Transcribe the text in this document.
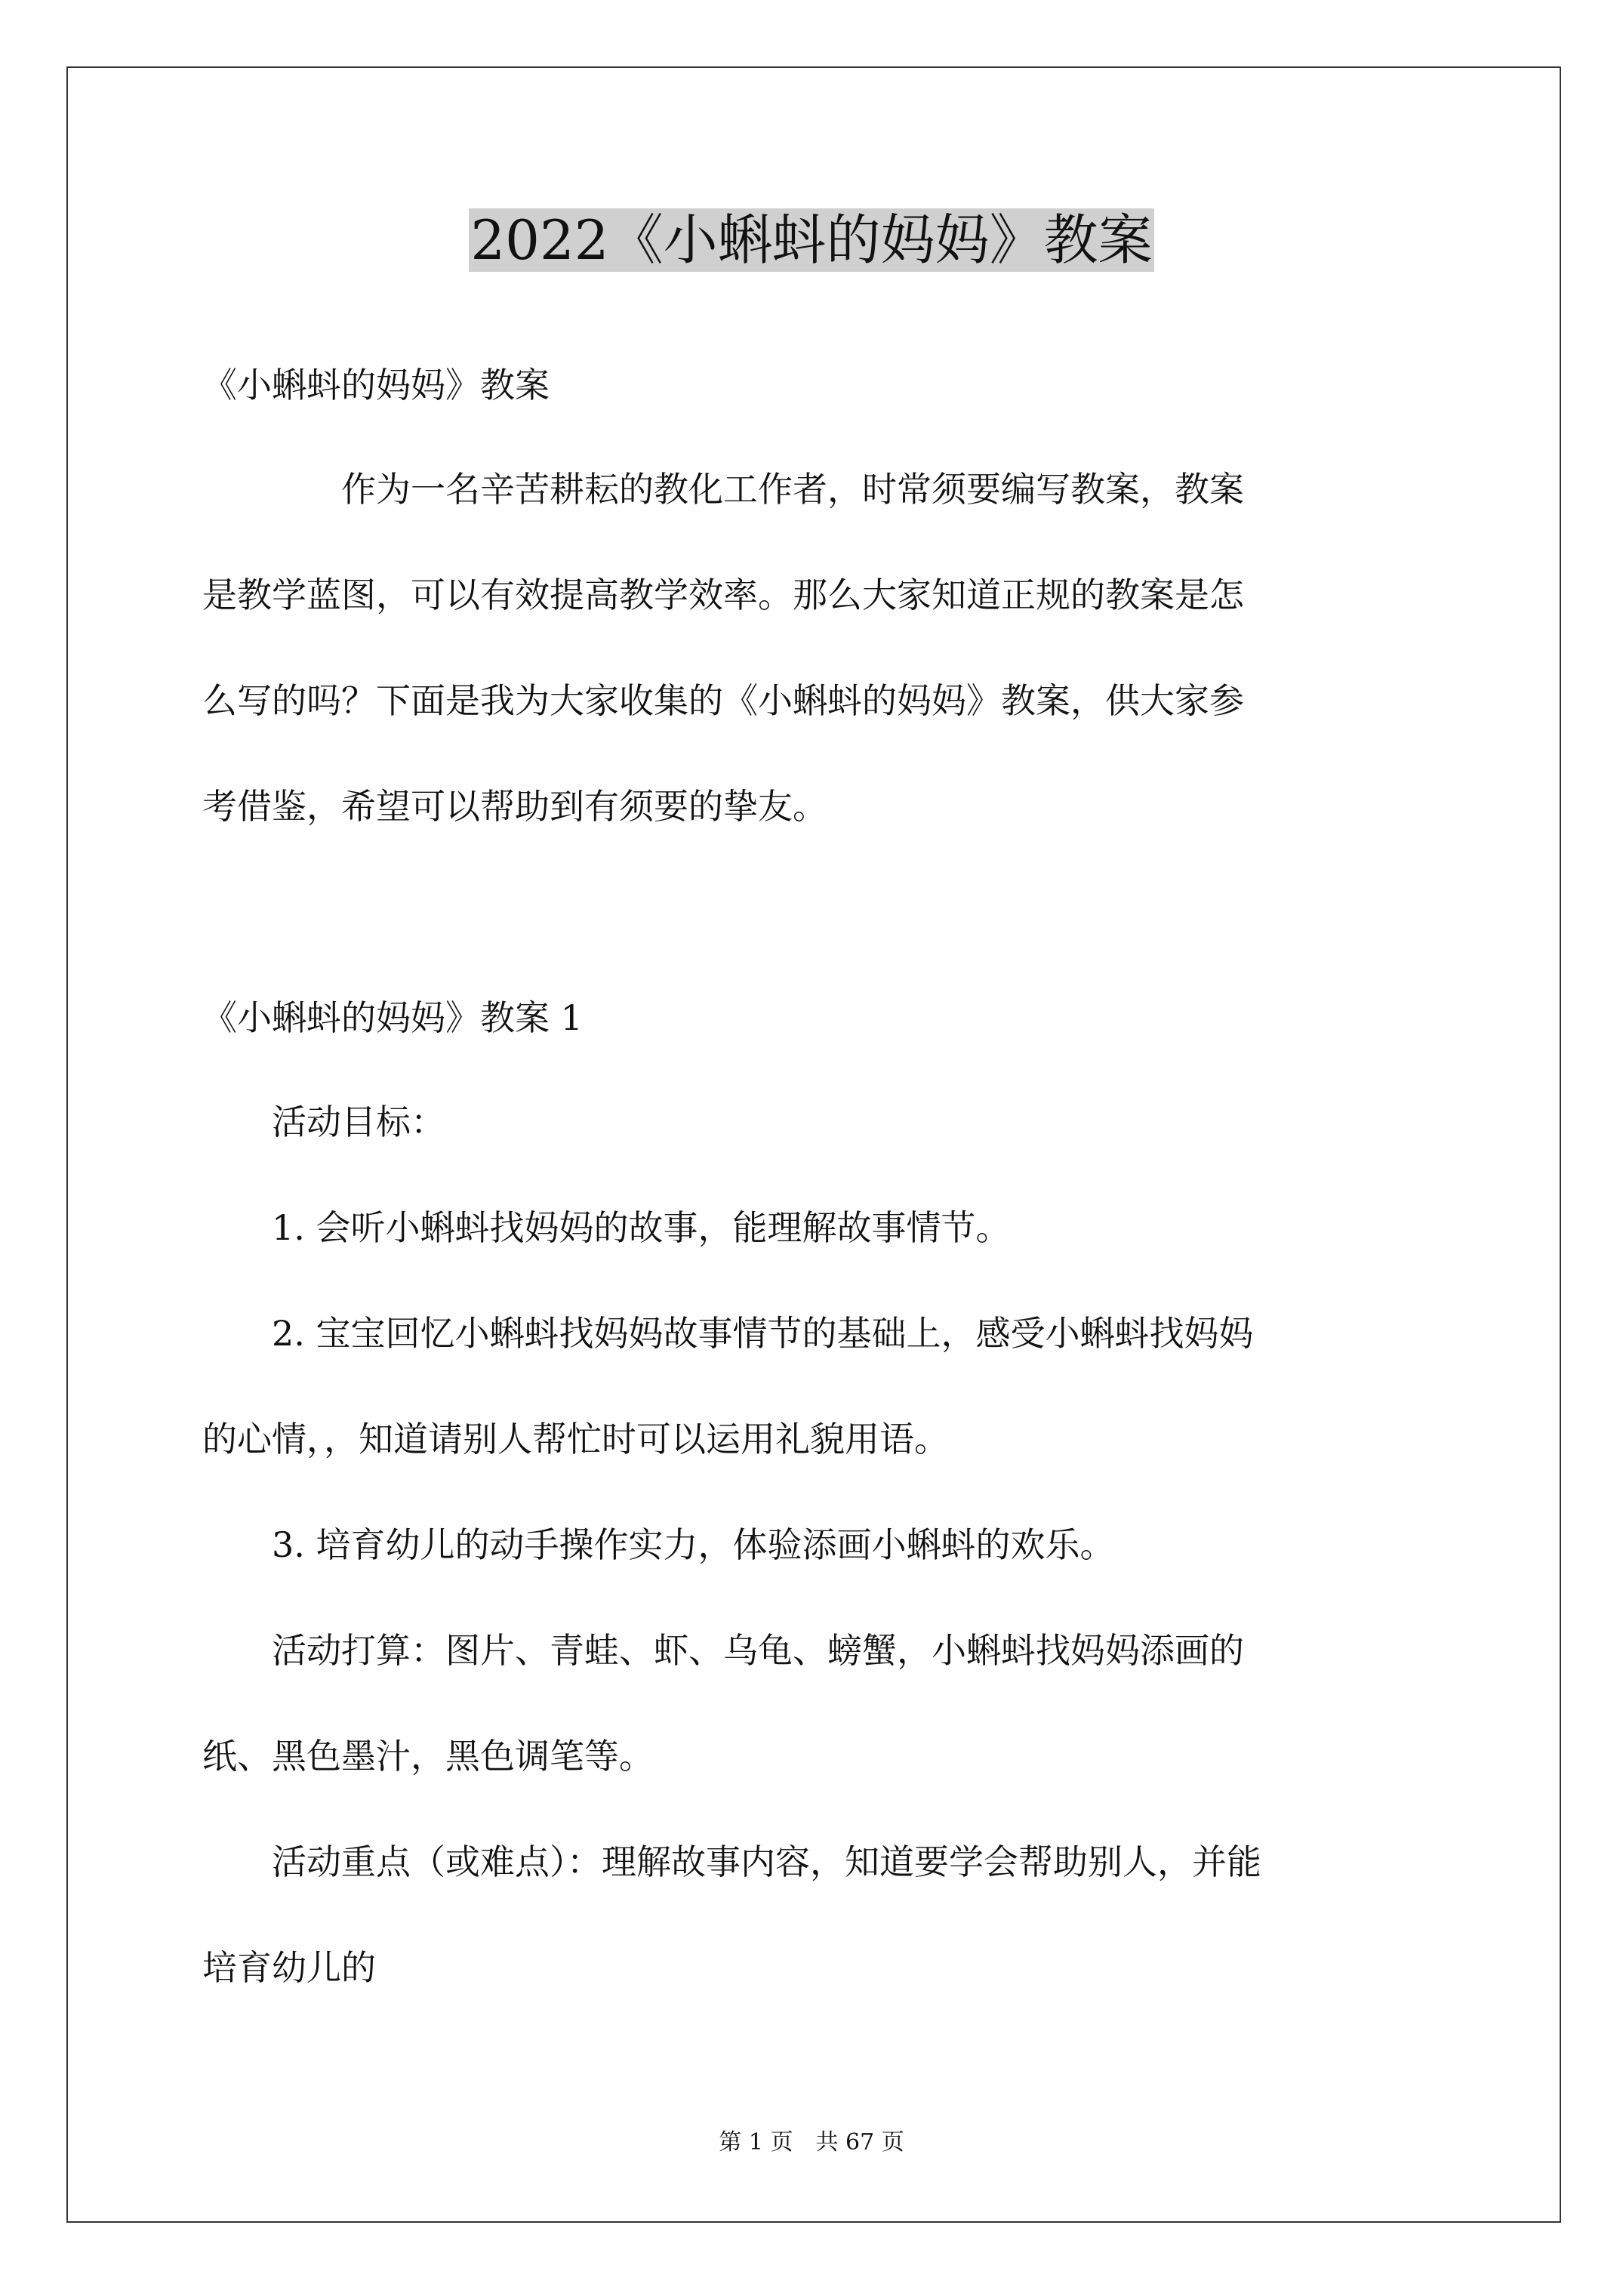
2022《小蝌蚪的妈妈》教案

《小蝌蚪的妈妈》教案

　　　　作为一名辛苦耕耘的教化工作者，时常须要编写教案，教案

是教学蓝图，可以有效提高教学效率。那么大家知道正规的教案是怎

么写的吗？下面是我为大家收集的《小蝌蚪的妈妈》教案，供大家参

考借鉴，希望可以帮助到有须要的挚友。

《小蝌蚪的妈妈》教案 1

　　活动目标：

　　1. 会听小蝌蚪找妈妈的故事，能理解故事情节。

　　2. 宝宝回忆小蝌蚪找妈妈故事情节的基础上，感受小蝌蚪找妈妈

的心情，，知道请别人帮忙时可以运用礼貌用语。

　　3. 培育幼儿的动手操作实力，体验添画小蝌蚪的欢乐。

　　活动打算：图片、青蛙、虾、乌龟、螃蟹，小蝌蚪找妈妈添画的

纸、黑色墨汁，黑色调笔等。

　　活动重点（或难点）：理解故事内容，知道要学会帮助别人，并能

培育幼儿的

第 1 页　共 67 页
